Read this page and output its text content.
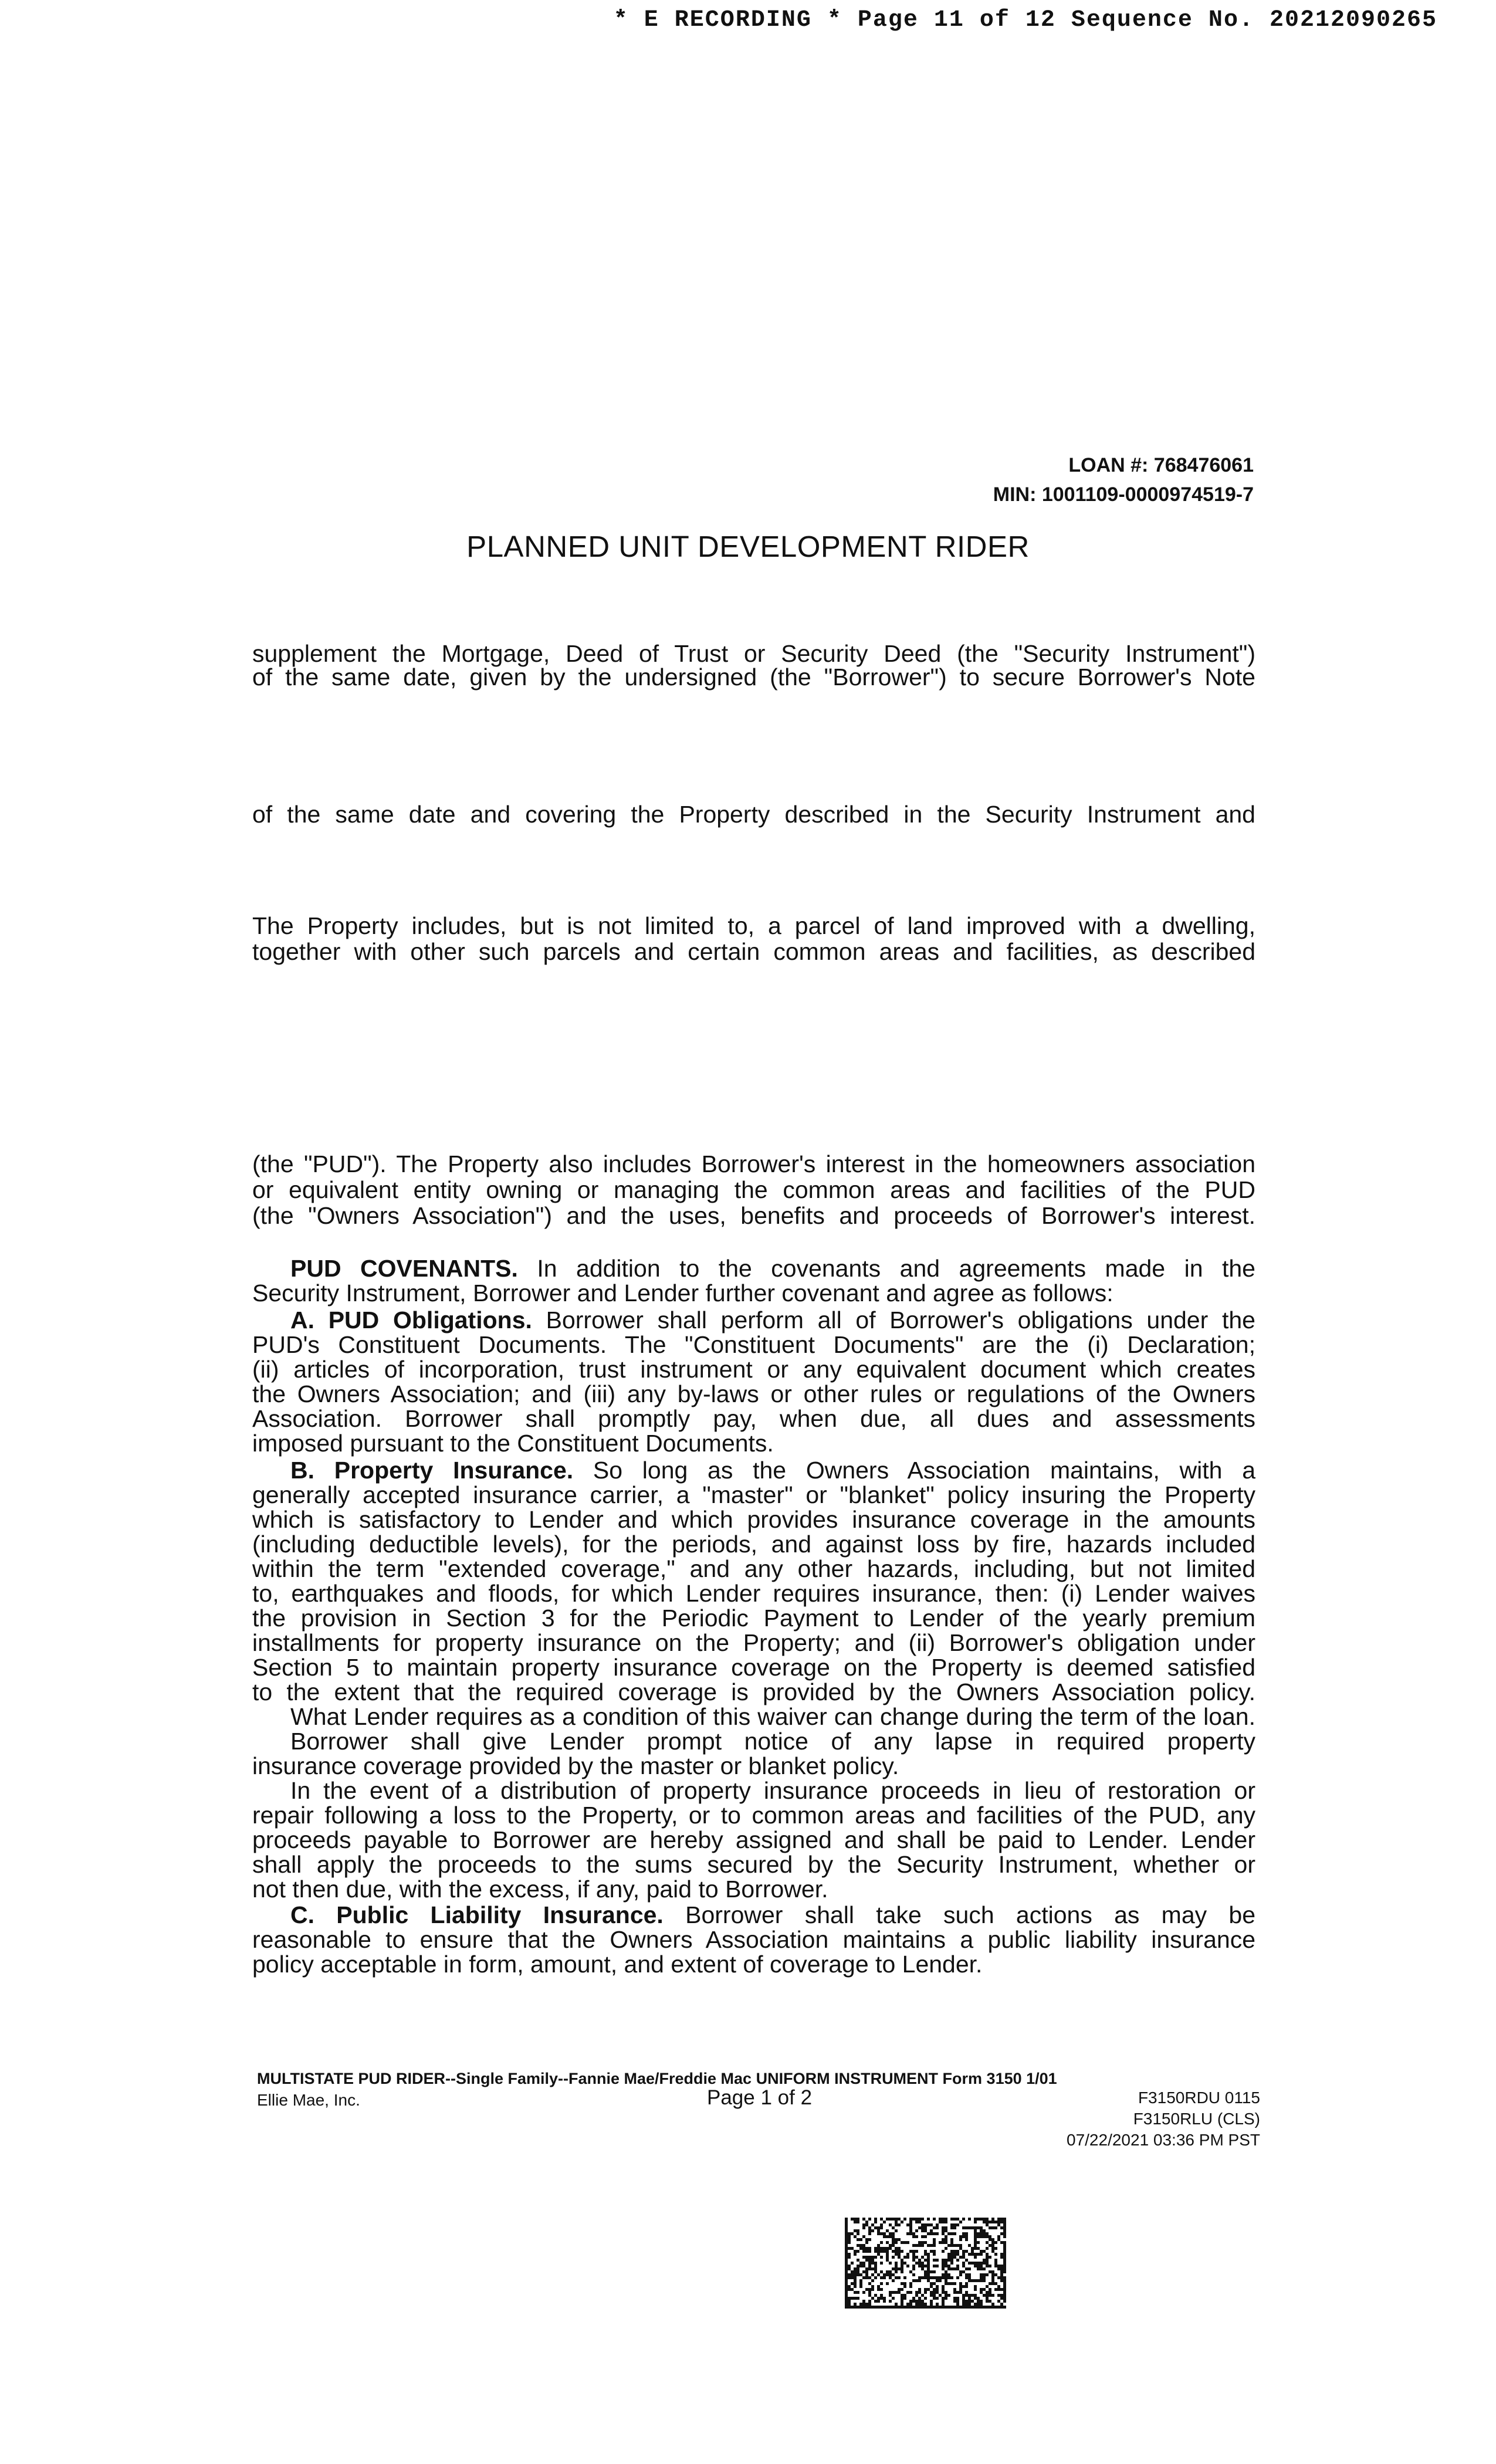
* E RECORDING * Page 11 of 12 Sequence No. 20212090265
LOAN #: 768476061
MIN: 1001109-0000974519-7
PLANNED UNIT DEVELOPMENT RIDER
supplement the Mortgage, Deed of Trust or Security Deed (the "Security Instrument")
of the same date, given by the undersigned (the "Borrower") to secure Borrower's Note
of the same date and covering the Property described in the Security Instrument and
The Property includes, but is not limited to, a parcel of land improved with a dwelling,
together with other such parcels and certain common areas and facilities, as described
(the "PUD"). The Property also includes Borrower's interest in the homeowners association
or equivalent entity owning or managing the common areas and facilities of the PUD
(the "Owners Association") and the uses, benefits and proceeds of Borrower's interest.
PUD COVENANTS. In addition to the covenants and agreements made in the
Security Instrument, Borrower and Lender further covenant and agree as follows:
A. PUD Obligations. Borrower shall perform all of Borrower's obligations under the
PUD's Constituent Documents. The "Constituent Documents" are the (i) Declaration;
(ii) articles of incorporation, trust instrument or any equivalent document which creates
the Owners Association; and (iii) any by-laws or other rules or regulations of the Owners
Association. Borrower shall promptly pay, when due, all dues and assessments
imposed pursuant to the Constituent Documents.
B. Property Insurance. So long as the Owners Association maintains, with a
generally accepted insurance carrier, a "master" or "blanket" policy insuring the Property
which is satisfactory to Lender and which provides insurance coverage in the amounts
(including deductible levels), for the periods, and against loss by fire, hazards included
within the term "extended coverage," and any other hazards, including, but not limited
to, earthquakes and floods, for which Lender requires insurance, then: (i) Lender waives
the provision in Section 3 for the Periodic Payment to Lender of the yearly premium
installments for property insurance on the Property; and (ii) Borrower's obligation under
Section 5 to maintain property insurance coverage on the Property is deemed satisfied
to the extent that the required coverage is provided by the Owners Association policy.
What Lender requires as a condition of this waiver can change during the term of the loan.
Borrower shall give Lender prompt notice of any lapse in required property
insurance coverage provided by the master or blanket policy.
In the event of a distribution of property insurance proceeds in lieu of restoration or
repair following a loss to the Property, or to common areas and facilities of the PUD, any
proceeds payable to Borrower are hereby assigned and shall be paid to Lender. Lender
shall apply the proceeds to the sums secured by the Security Instrument, whether or
not then due, with the excess, if any, paid to Borrower.
C. Public Liability Insurance. Borrower shall take such actions as may be
reasonable to ensure that the Owners Association maintains a public liability insurance
policy acceptable in form, amount, and extent of coverage to Lender.
MULTISTATE PUD RIDER--Single Family--Fannie Mae/Freddie Mac UNIFORM INSTRUMENT Form 3150 1/01
Ellie Mae, Inc.	Page 1 of 2	F3150RDU 0115
F3150RLU (CLS)
07/22/2021 03:36 PM PST
